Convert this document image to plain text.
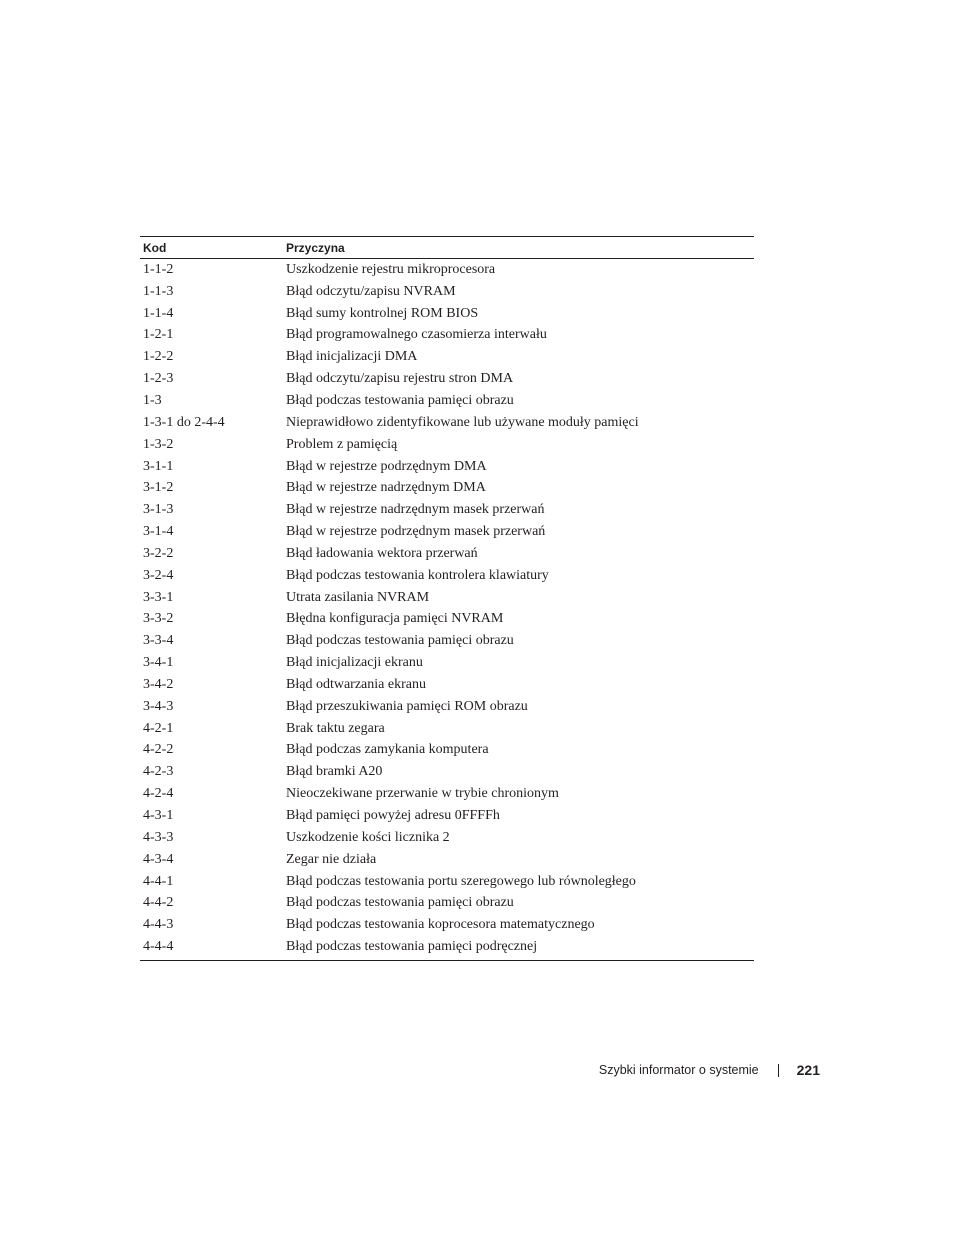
Kod	Przyczyna
1-1-2	Uszkodzenie rejestru mikroprocesora
1-1-3	Błąd odczytu/zapisu NVRAM
1-1-4	Błąd sumy kontrolnej ROM BIOS
1-2-1	Błąd programowalnego czasomierza interwału
1-2-2	Błąd inicjalizacji DMA
1-2-3	Błąd odczytu/zapisu rejestru stron DMA
1-3	Błąd podczas testowania pamięci obrazu
1-3-1 do 2-4-4	Nieprawidłowo zidentyfikowane lub używane moduły pamięci
1-3-2	Problem z pamięcią
3-1-1	Błąd w rejestrze podrzędnym DMA
3-1-2	Błąd w rejestrze nadrzędnym DMA
3-1-3	Błąd w rejestrze nadrzędnym masek przerwań
3-1-4	Błąd w rejestrze podrzędnym masek przerwań
3-2-2	Błąd ładowania wektora przerwań
3-2-4	Błąd podczas testowania kontrolera klawiatury
3-3-1	Utrata zasilania NVRAM
3-3-2	Błędna konfiguracja pamięci NVRAM
3-3-4	Błąd podczas testowania pamięci obrazu
3-4-1	Błąd inicjalizacji ekranu
3-4-2	Błąd odtwarzania ekranu
3-4-3	Błąd przeszukiwania pamięci ROM obrazu
4-2-1	Brak taktu zegara
4-2-2	Błąd podczas zamykania komputera
4-2-3	Błąd bramki A20
4-2-4	Nieoczekiwane przerwanie w trybie chronionym
4-3-1	Błąd pamięci powyżej adresu 0FFFFh
4-3-3	Uszkodzenie kości licznika 2
4-3-4	Zegar nie działa
4-4-1	Błąd podczas testowania portu szeregowego lub równoległego
4-4-2	Błąd podczas testowania pamięci obrazu
4-4-3	Błąd podczas testowania koprocesora matematycznego
4-4-4	Błąd podczas testowania pamięci podręcznej
Szybki informator o systemie	221
